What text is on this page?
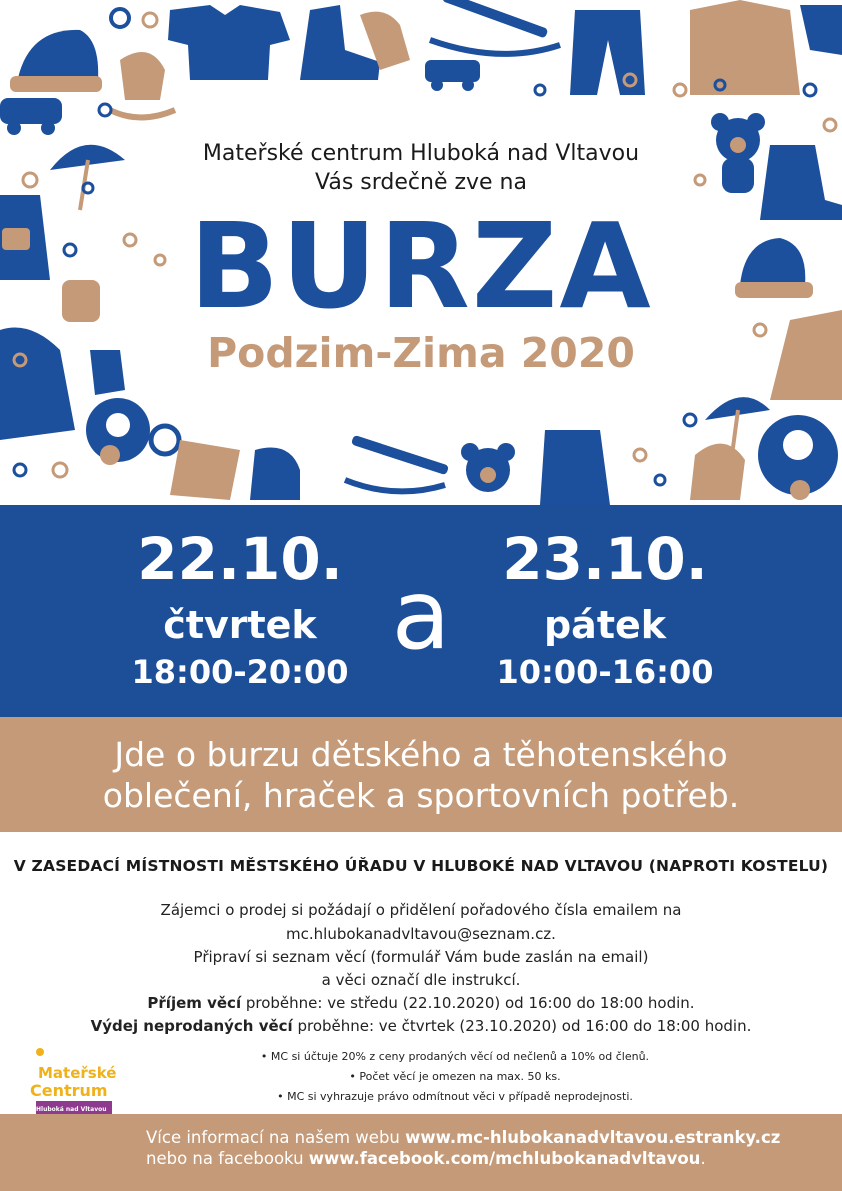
Mateřské centrum Hluboká nad Vltavou
Vás srdečně zve na
BURZA
Podzim-Zima 2020
22.10.
čtvrtek
18:00-20:00
a 23.10.
pátek
10:00-16:00
Jde o burzu dětského a těhotenského
oblečení, hraček a sportovních potřeb.
V ZASEDACÍ MÍSTNOSTI MĚSTSKÉHO ÚŘADU V HLUBOKÉ NAD VLTAVOU (NAPROTI KOSTELU)
Zájemci o prodej si požádají o přidělení pořadového čísla emailem na
mc.hlubokanadvltavou@seznam.cz.
Připraví si seznam věcí (formulář Vám bude zaslán na email)
a věci označí dle instrukcí.
Příjem věcí proběhne: ve středu (22.10.2020) od 16:00 do 18:00 hodin.
Výdej neprodaných věcí proběhne: ve čtvrtek (23.10.2020) od 16:00 do 18:00 hodin.
• MC si účtuje 20% z ceny prodaných věcí od nečlenů a 10% od členů.
• Počet věcí je omezen na max. 50 ks.
• MC si vyhrazuje právo odmítnout věci v případě neprodejnosti.
Mateřské
Centrum
Hluboká nad Vltavou
Více informací na našem webu www.mc-hlubokanadvltavou.estranky.cz
nebo na facebooku www.facebook.com/mchlubokanadvltavou.
